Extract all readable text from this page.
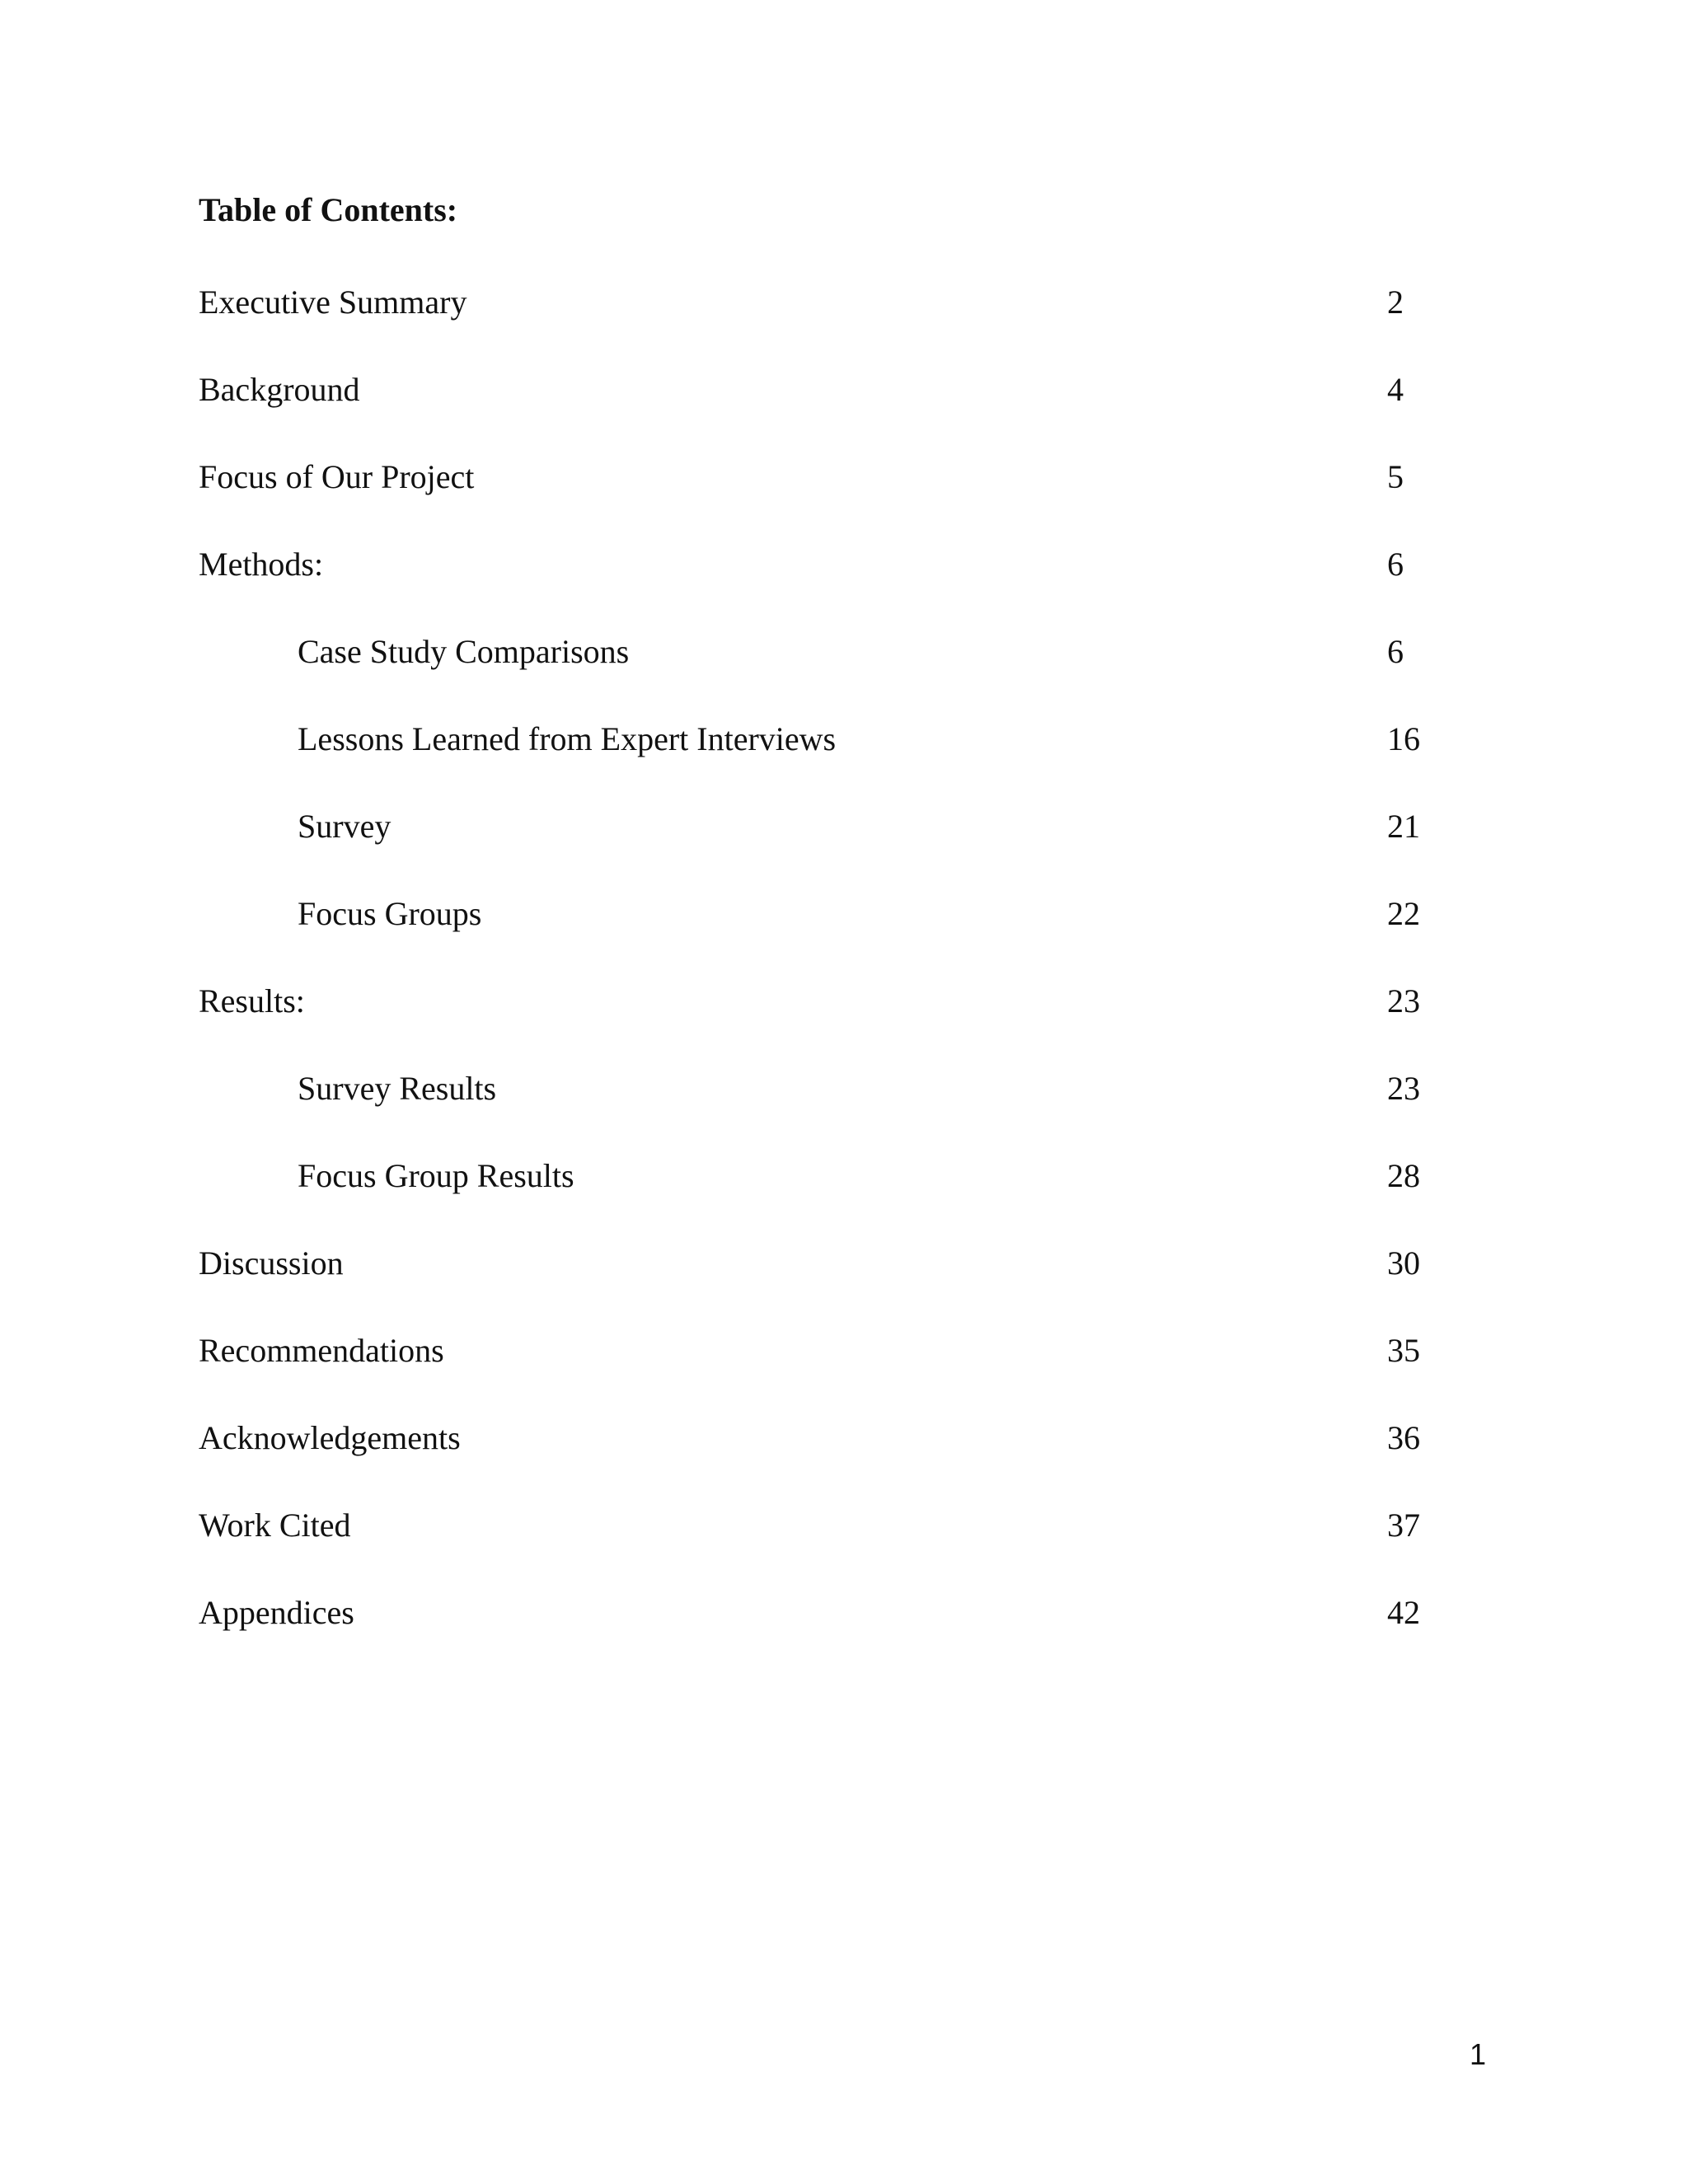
Table of Contents:
Executive Summary	2
Background	4
Focus of Our Project	5
Methods:	6
Case Study Comparisons	6
Lessons Learned from Expert Interviews	16
Survey	21
Focus Groups	22
Results:	23
Survey Results	23
Focus Group Results	28
Discussion	30
Recommendations	35
Acknowledgements	36
Work Cited	37
Appendices	42
1
